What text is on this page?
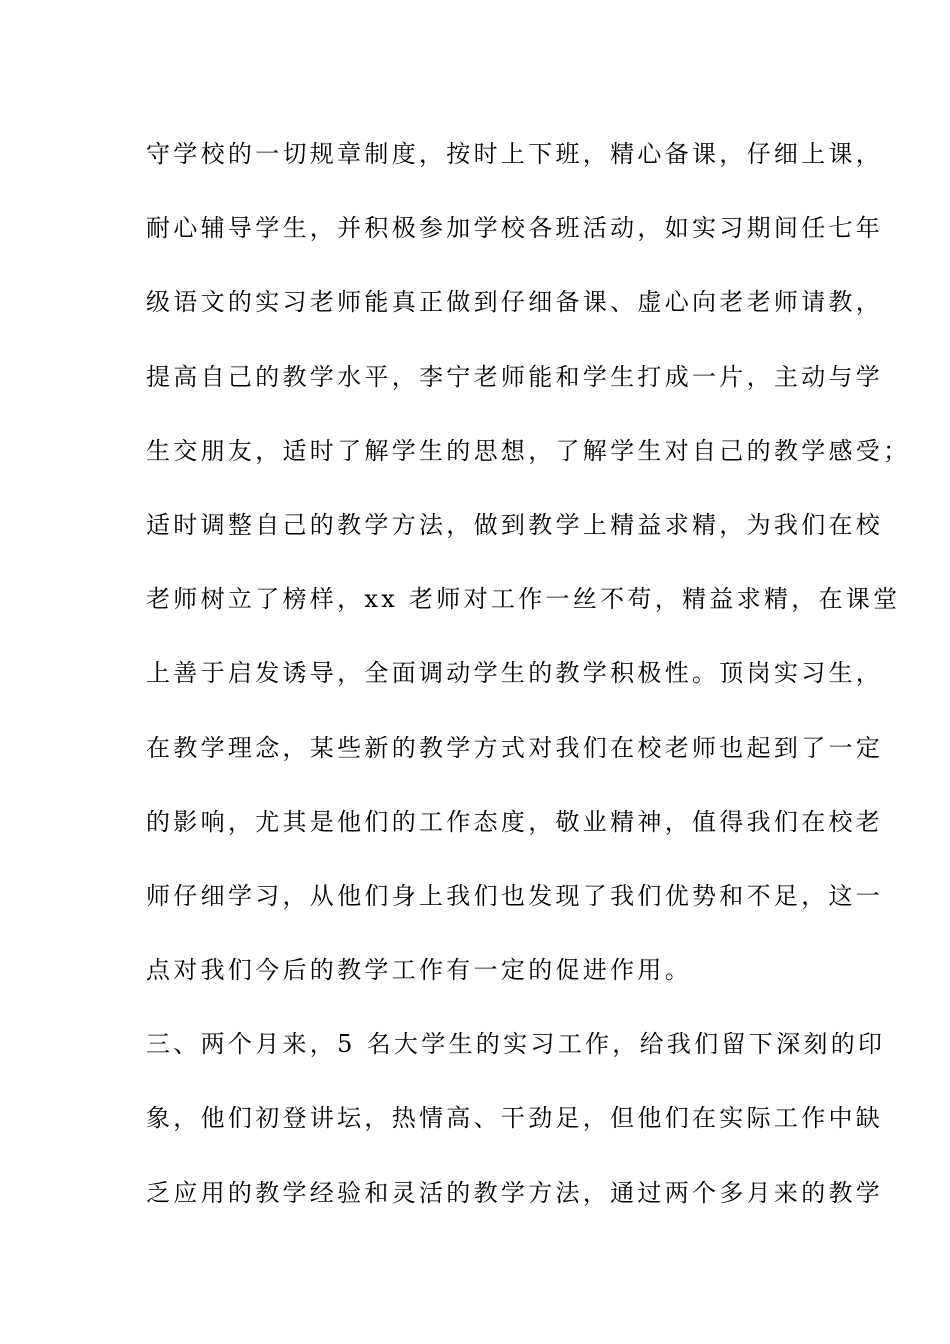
守学校的一切规章制度，按时上下班，精心备课，仔细上课，
耐心辅导学生，并积极参加学校各班活动，如实习期间任七年
级语文的实习老师能真正做到仔细备课、虚心向老老师请教，
提高自己的教学水平，李宁老师能和学生打成一片，主动与学
生交朋友，适时了解学生的思想，了解学生对自己的教学感受；
适时调整自己的教学方法，做到教学上精益求精，为我们在校
老师树立了榜样，xx 老师对工作一丝不苟，精益求精，在课堂
上善于启发诱导，全面调动学生的教学积极性。顶岗实习生，
在教学理念，某些新的教学方式对我们在校老师也起到了一定
的影响，尤其是他们的工作态度，敬业精神，值得我们在校老
师仔细学习，从他们身上我们也发现了我们优势和不足，这一
点对我们今后的教学工作有一定的促进作用。
三、两个月来，5 名大学生的实习工作，给我们留下深刻的印
象，他们初登讲坛，热情高、干劲足，但他们在实际工作中缺
乏应用的教学经验和灵活的教学方法，通过两个多月来的教学
